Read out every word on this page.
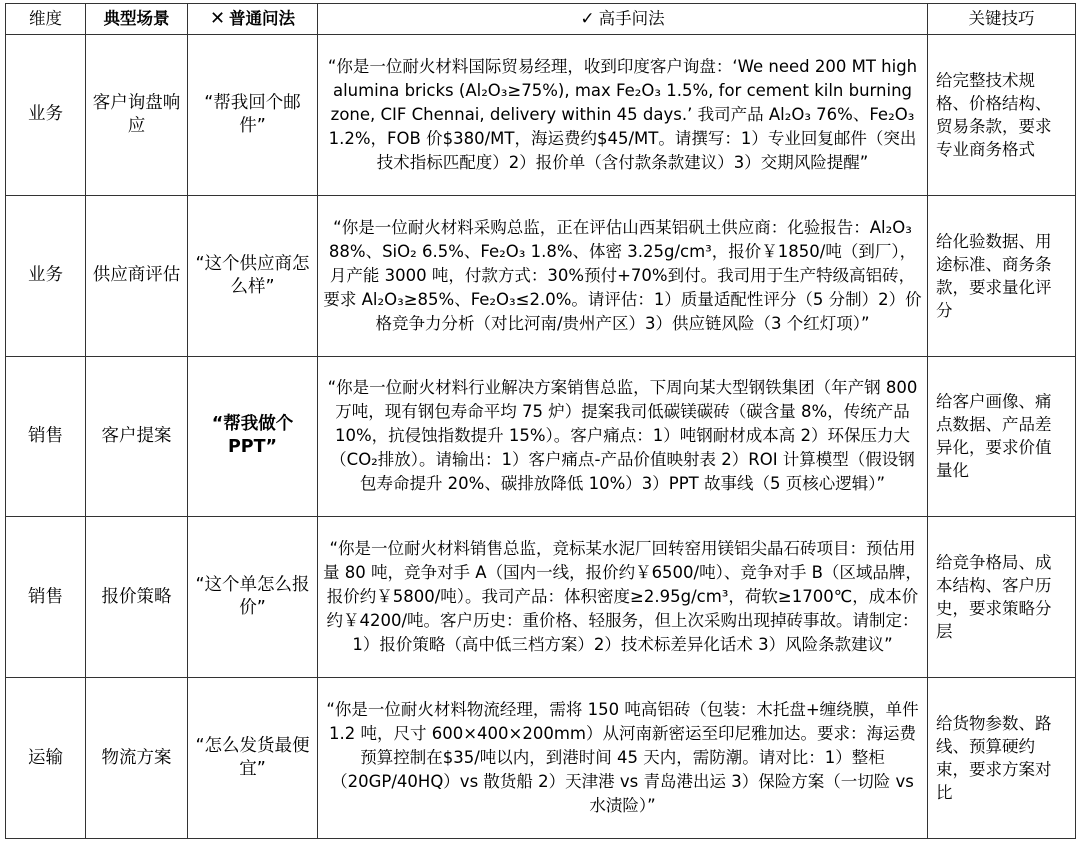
维度	典型场景	✕ 普通问法	✓ 高手问法	关键技巧
业务	客户询盘响应	“帮我回个邮件”	“你是一位耐火材料国际贸易经理，收到印度客户询盘：‘We need 200 MT high alumina bricks (Al₂O₃≥75%), max Fe₂O₃ 1.5%, for cement kiln burning zone, CIF Chennai, delivery within 45 days.’ 我司产品 Al₂O₃ 76%、Fe₂O₃ 1.2%，FOB 价$380/MT，海运费约$45/MT。请撰写：1）专业回复邮件（突出技术指标匹配度）2）报价单（含付款条款建议）3）交期风险提醒”	给完整技术规格、价格结构、贸易条款，要求专业商务格式

业务	供应商评估	“这个供应商怎么样”	“你是一位耐火材料采购总监，正在评估山西某铝矾土供应商：化验报告：Al₂O₃ 88%、SiO₂ 6.5%、Fe₂O₃ 1.8%、体密 3.25g/cm³，报价￥1850/吨（到厂），月产能 3000 吨，付款方式：30%预付+70%到付。我司用于生产特级高铝砖，要求 Al₂O₃≥85%、Fe₂O₃≤2.0%。请评估：1）质量适配性评分（5 分制）2）价格竞争力分析（对比河南/贵州产区）3）供应链风险（3 个红灯项）”	给化验数据、用途标准、商务条款，要求量化评分

销售	客户提案	“帮我做个PPT”	“你是一位耐火材料行业解决方案销售总监，下周向某大型钢铁集团（年产钢 800 万吨，现有钢包寿命平均 75 炉）提案我司低碳镁碳砖（碳含量 8%，传统产品 10%，抗侵蚀指数提升 15%）。客户痛点：1）吨钢耐材成本高 2）环保压力大（CO₂排放）。请输出：1）客户痛点-产品价值映射表 2）ROI 计算模型（假设钢包寿命提升 20%、碳排放降低 10%）3）PPT 故事线（5 页核心逻辑）”	给客户画像、痛点数据、产品差异化，要求价值量化

销售	报价策略	“这个单怎么报价”	“你是一位耐火材料销售总监，竞标某水泥厂回转窑用镁铝尖晶石砖项目：预估用量 80 吨，竞争对手 A（国内一线，报价约￥6500/吨）、竞争对手 B（区域品牌，报价约￥5800/吨）。我司产品：体积密度≥2.95g/cm³，荷软≥1700℃，成本价约￥4200/吨。客户历史：重价格、轻服务，但上次采购出现掉砖事故。请制定：1）报价策略（高中低三档方案）2）技术标差异化话术 3）风险条款建议”	给竞争格局、成本结构、客户历史，要求策略分层

运输	物流方案	“怎么发货最便宜”	“你是一位耐火材料物流经理，需将 150 吨高铝砖（包装：木托盘+缠绕膜，单件 1.2 吨，尺寸 600×400×200mm）从河南新密运至印尼雅加达。要求：海运费预算控制在$35/吨以内，到港时间 45 天内，需防潮。请对比：1）整柜（20GP/40HQ）vs 散货船 2）天津港 vs 青岛港出运 3）保险方案（一切险 vs 水渍险）”	给货物参数、路线、预算硬约束，要求方案对比
